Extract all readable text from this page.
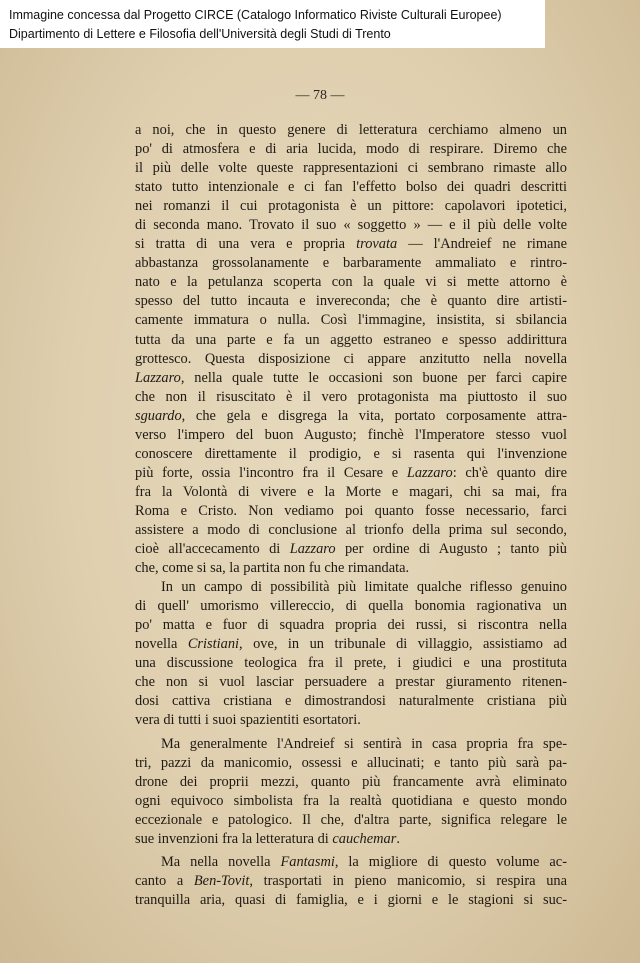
Immagine concessa dal Progetto CIRCE (Catalogo Informatico Riviste Culturali Europee)
Dipartimento di Lettere e Filosofia dell'Università degli Studi di Trento
— 78 —
a noi, che in questo genere di letteratura cerchiamo almeno un
po' di atmosfera e di aria lucida, modo di respirare. Diremo che
il più delle volte queste rappresentazioni ci sembrano rimaste allo
stato tutto intenzionale e ci fan l'effetto bolso dei quadri descritti
nei romanzi il cui protagonista è un pittore: capolavori ipotetici,
di seconda mano. Trovato il suo « soggetto » — e il più delle volte
si tratta di una vera e propria trovata — l'Andreief ne rimane
abbastanza grossolanamente e barbaramente ammaliato e rintro-
nato e la petulanza scoperta con la quale vi si mette attorno è
spesso del tutto incauta e invereconda; che è quanto dire artisti-
camente immatura o nulla. Così l'immagine, insistita, si sbilancia
tutta da una parte e fa un aggetto estraneo e spesso addirittura
grottesco. Questa disposizione ci appare anzitutto nella novella
Lazzaro, nella quale tutte le occasioni son buone per farci capire
che non il risuscitato è il vero protagonista ma piuttosto il suo
sguardo, che gela e disgrega la vita, portato corposamente attra-
verso l'impero del buon Augusto; finchè l'Imperatore stesso vuol
conoscere direttamente il prodigio, e si rasenta qui l'invenzione
più forte, ossia l'incontro fra il Cesare e Lazzaro: ch'è quanto dire
fra la Volontà di vivere e la Morte e magari, chi sa mai, fra
Roma e Cristo. Non vediamo poi quanto fosse necessario, farci
assistere a modo di conclusione al trionfo della prima sul secondo,
cioè all'accecamento di Lazzaro per ordine di Augusto ; tanto più
che, come si sa, la partita non fu che rimandata.
In un campo di possibilità più limitate qualche riflesso genuino
di quell' umorismo villereccio, di quella bonomia ragionativa un
po' matta e fuor di squadra propria dei russi, si riscontra nella
novella Cristiani, ove, in un tribunale di villaggio, assistiamo ad
una discussione teologica fra il prete, i giudici e una prostituta
che non si vuol lasciar persuadere a prestar giuramento ritenen-
dosi cattiva cristiana e dimostrandosi naturalmente cristiana più
vera di tutti i suoi spazientiti esortatori.
Ma generalmente l'Andreief si sentirà in casa propria fra spe-
tri, pazzi da manicomio, ossessi e allucinati; e tanto più sarà pa-
drone dei proprii mezzi, quanto più francamente avrà eliminato
ogni equivoco simbolista fra la realtà quotidiana e questo mondo
eccezionale e patologico. Il che, d'altra parte, significa relegare le
sue invenzioni fra la letteratura di cauchemar.
Ma nella novella Fantasmi, la migliore di questo volume ac-
canto a Ben-Tovit, trasportati in pieno manicomio, si respira una
tranquilla aria, quasi di famiglia, e i giorni e le stagioni si suc-
